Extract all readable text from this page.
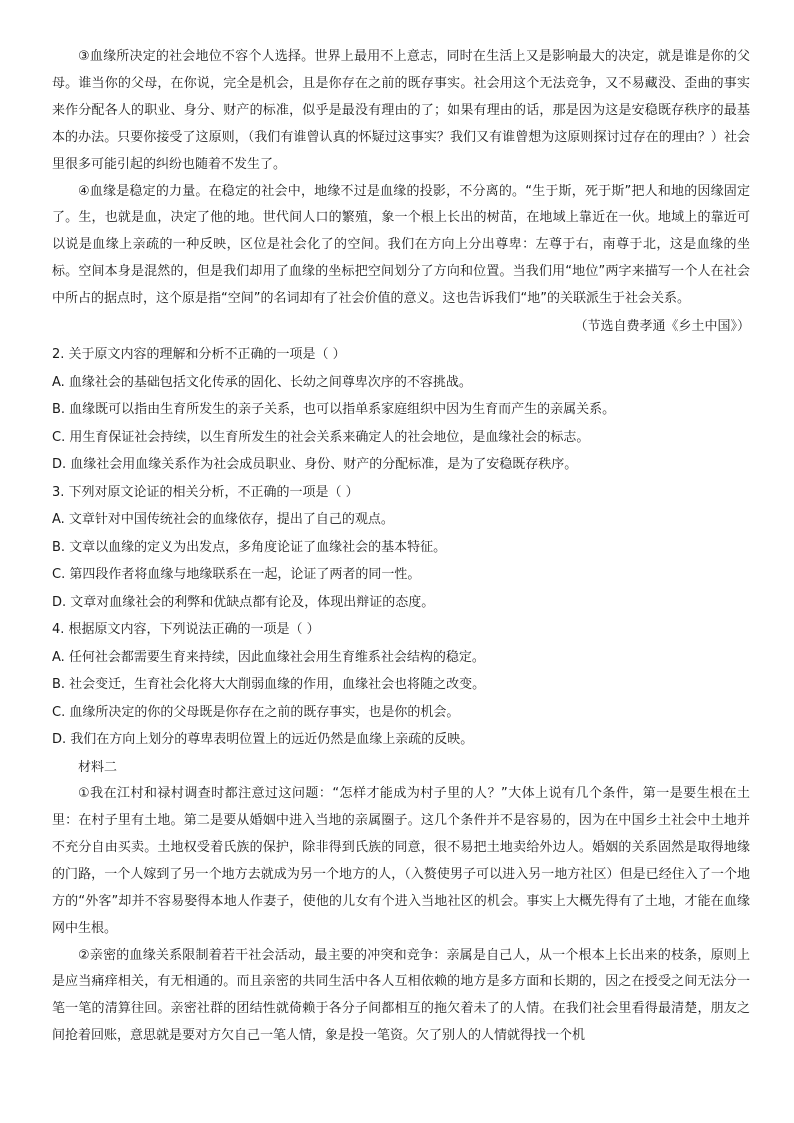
③血缘所决定的社会地位不容个人选择。世界上最用不上意志，同时在生活上又是影响最大的决定，就是谁是你的父母。谁当你的父母，在你说，完全是机会，且是你存在之前的既存事实。社会用这个无法竞争，又不易藏没、歪曲的事实来作分配各人的职业、身分、财产的标准，似乎是最没有理由的了；如果有理由的话，那是因为这是安稳既存秩序的最基本的办法。只要你接受了这原则，（我们有谁曾认真的怀疑过这事实？我们又有谁曾想为这原则探讨过存在的理由？）社会里很多可能引起的纠纷也随着不发生了。

④血缘是稳定的力量。在稳定的社会中，地缘不过是血缘的投影，不分离的。“生于斯，死于斯”把人和地的因缘固定了。生，也就是血，决定了他的地。世代间人口的繁殖，象一个根上长出的树苗，在地域上靠近在一伙。地域上的靠近可以说是血缘上亲疏的一种反映，区位是社会化了的空间。我们在方向上分出尊卑：左尊于右，南尊于北，这是血缘的坐标。空间本身是混然的，但是我们却用了血缘的坐标把空间划分了方向和位置。当我们用“地位”两字来描写一个人在社会中所占的据点时，这个原是指“空间”的名词却有了社会价值的意义。这也告诉我们“地”的关联派生于社会关系。

（节选自费孝通《乡土中国》）

2. 关于原文内容的理解和分析不正确的一项是（ ）

A. 血缘社会的基础包括文化传承的固化、长幼之间尊卑次序的不容挑战。

B. 血缘既可以指由生育所发生的亲子关系，也可以指单系家庭组织中因为生育而产生的亲属关系。

C. 用生育保证社会持续，以生育所发生的社会关系来确定人的社会地位，是血缘社会的标志。

D. 血缘社会用血缘关系作为社会成员职业、身份、财产的分配标准，是为了安稳既存秩序。

3. 下列对原文论证的相关分析，不正确的一项是（ ）

A. 文章针对中国传统社会的血缘依存，提出了自己的观点。

B. 文章以血缘的定义为出发点，多角度论证了血缘社会的基本特征。

C. 第四段作者将血缘与地缘联系在一起，论证了两者的同一性。

D. 文章对血缘社会的利弊和优缺点都有论及，体现出辩证的态度。

4. 根据原文内容，下列说法正确的一项是（ ）

A. 任何社会都需要生育来持续，因此血缘社会用生育维系社会结构的稳定。

B. 社会变迁，生育社会化将大大削弱血缘的作用，血缘社会也将随之改变。

C. 血缘所决定的你的父母既是你存在之前的既存事实，也是你的机会。

D. 我们在方向上划分的尊卑表明位置上的远近仍然是血缘上亲疏的反映。

材料二

①我在江村和禄村调查时都注意过这问题：“怎样才能成为村子里的人？”大体上说有几个条件，第一是要生根在土里：在村子里有土地。第二是要从婚姻中进入当地的亲属圈子。这几个条件并不是容易的，因为在中国乡土社会中土地并不充分自由买卖。土地权受着氏族的保护，除非得到氏族的同意，很不易把土地卖给外边人。婚姻的关系固然是取得地缘的门路，一个人嫁到了另一个地方去就成为另一个地方的人，（入赘使男子可以进入另一地方社区）但是已经住入了一个地方的“外客”却并不容易娶得本地人作妻子，使他的儿女有个进入当地社区的机会。事实上大概先得有了土地，才能在血缘网中生根。

②亲密的血缘关系限制着若干社会活动，最主要的冲突和竞争：亲属是自己人，从一个根本上长出来的枝条，原则上是应当痛痒相关，有无相通的。而且亲密的共同生活中各人互相依赖的地方是多方面和长期的，因之在授受之间无法分一笔一笔的清算往回。亲密社群的团结性就倚赖于各分子间都相互的拖欠着未了的人情。在我们社会里看得最清楚，朋友之间抢着回账，意思就是要对方欠自己一笔人情，象是投一笔资。欠了别人的人情就得找一个机
